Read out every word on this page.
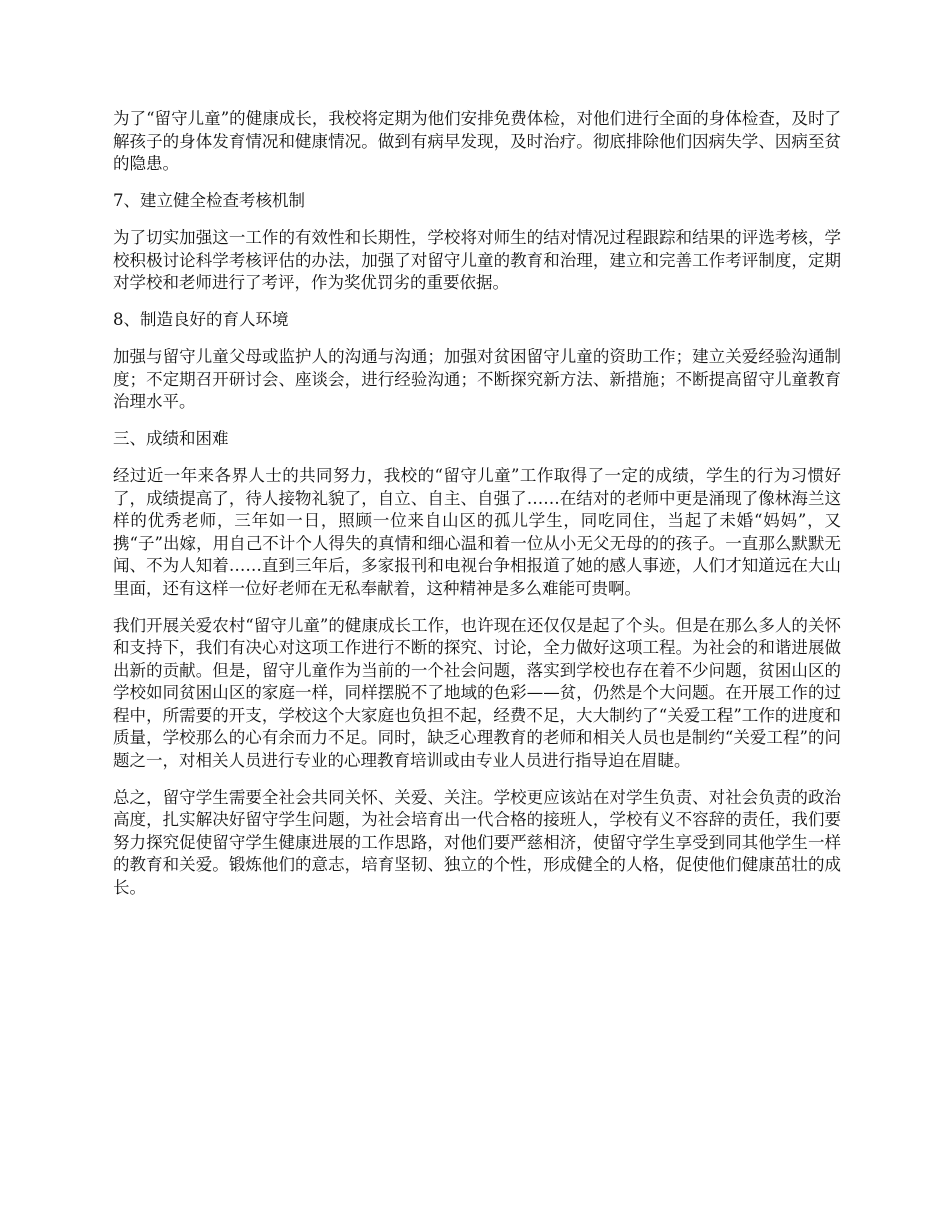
为了“留守儿童”的健康成长，我校将定期为他们安排免费体检，对他们进行全面的身体检查，及时了解孩子的身体发育情况和健康情况。做到有病早发现，及时治疗。彻底排除他们因病失学、因病至贫的隐患。

7、建立健全检查考核机制

为了切实加强这一工作的有效性和长期性，学校将对师生的结对情况过程跟踪和结果的评选考核，学校积极讨论科学考核评估的办法，加强了对留守儿童的教育和治理，建立和完善工作考评制度，定期对学校和老师进行了考评，作为奖优罚劣的重要依据。

8、制造良好的育人环境

加强与留守儿童父母或监护人的沟通与沟通；加强对贫困留守儿童的资助工作；建立关爱经验沟通制度；不定期召开研讨会、座谈会，进行经验沟通；不断探究新方法、新措施；不断提高留守儿童教育治理水平。

三、成绩和困难

经过近一年来各界人士的共同努力，我校的“留守儿童”工作取得了一定的成绩，学生的行为习惯好了，成绩提高了，待人接物礼貌了，自立、自主、自强了……在结对的老师中更是涌现了像林海兰这样的优秀老师，三年如一日，照顾一位来自山区的孤儿学生，同吃同住，当起了未婚“妈妈”，又携“子”出嫁，用自己不计个人得失的真情和细心温和着一位从小无父无母的的孩子。一直那么默默无闻、不为人知着……直到三年后，多家报刊和电视台争相报道了她的感人事迹，人们才知道远在大山里面，还有这样一位好老师在无私奉献着，这种精神是多么难能可贵啊。

我们开展关爱农村“留守儿童”的健康成长工作，也许现在还仅仅是起了个头。但是在那么多人的关怀和支持下，我们有决心对这项工作进行不断的探究、讨论，全力做好这项工程。为社会的和谐进展做出新的贡献。但是，留守儿童作为当前的一个社会问题，落实到学校也存在着不少问题，贫困山区的学校如同贫困山区的家庭一样，同样摆脱不了地域的色彩——贫，仍然是个大问题。在开展工作的过程中，所需要的开支，学校这个大家庭也负担不起，经费不足，大大制约了“关爱工程”工作的进度和质量，学校那么的心有余而力不足。同时，缺乏心理教育的老师和相关人员也是制约“关爱工程”的问题之一，对相关人员进行专业的心理教育培训或由专业人员进行指导迫在眉睫。

总之，留守学生需要全社会共同关怀、关爱、关注。学校更应该站在对学生负责、对社会负责的政治高度，扎实解决好留守学生问题，为社会培育出一代合格的接班人，学校有义不容辞的责任，我们要努力探究促使留守学生健康进展的工作思路，对他们要严慈相济，使留守学生享受到同其他学生一样的教育和关爱。锻炼他们的意志，培育坚韧、独立的个性，形成健全的人格，促使他们健康茁壮的成长。
